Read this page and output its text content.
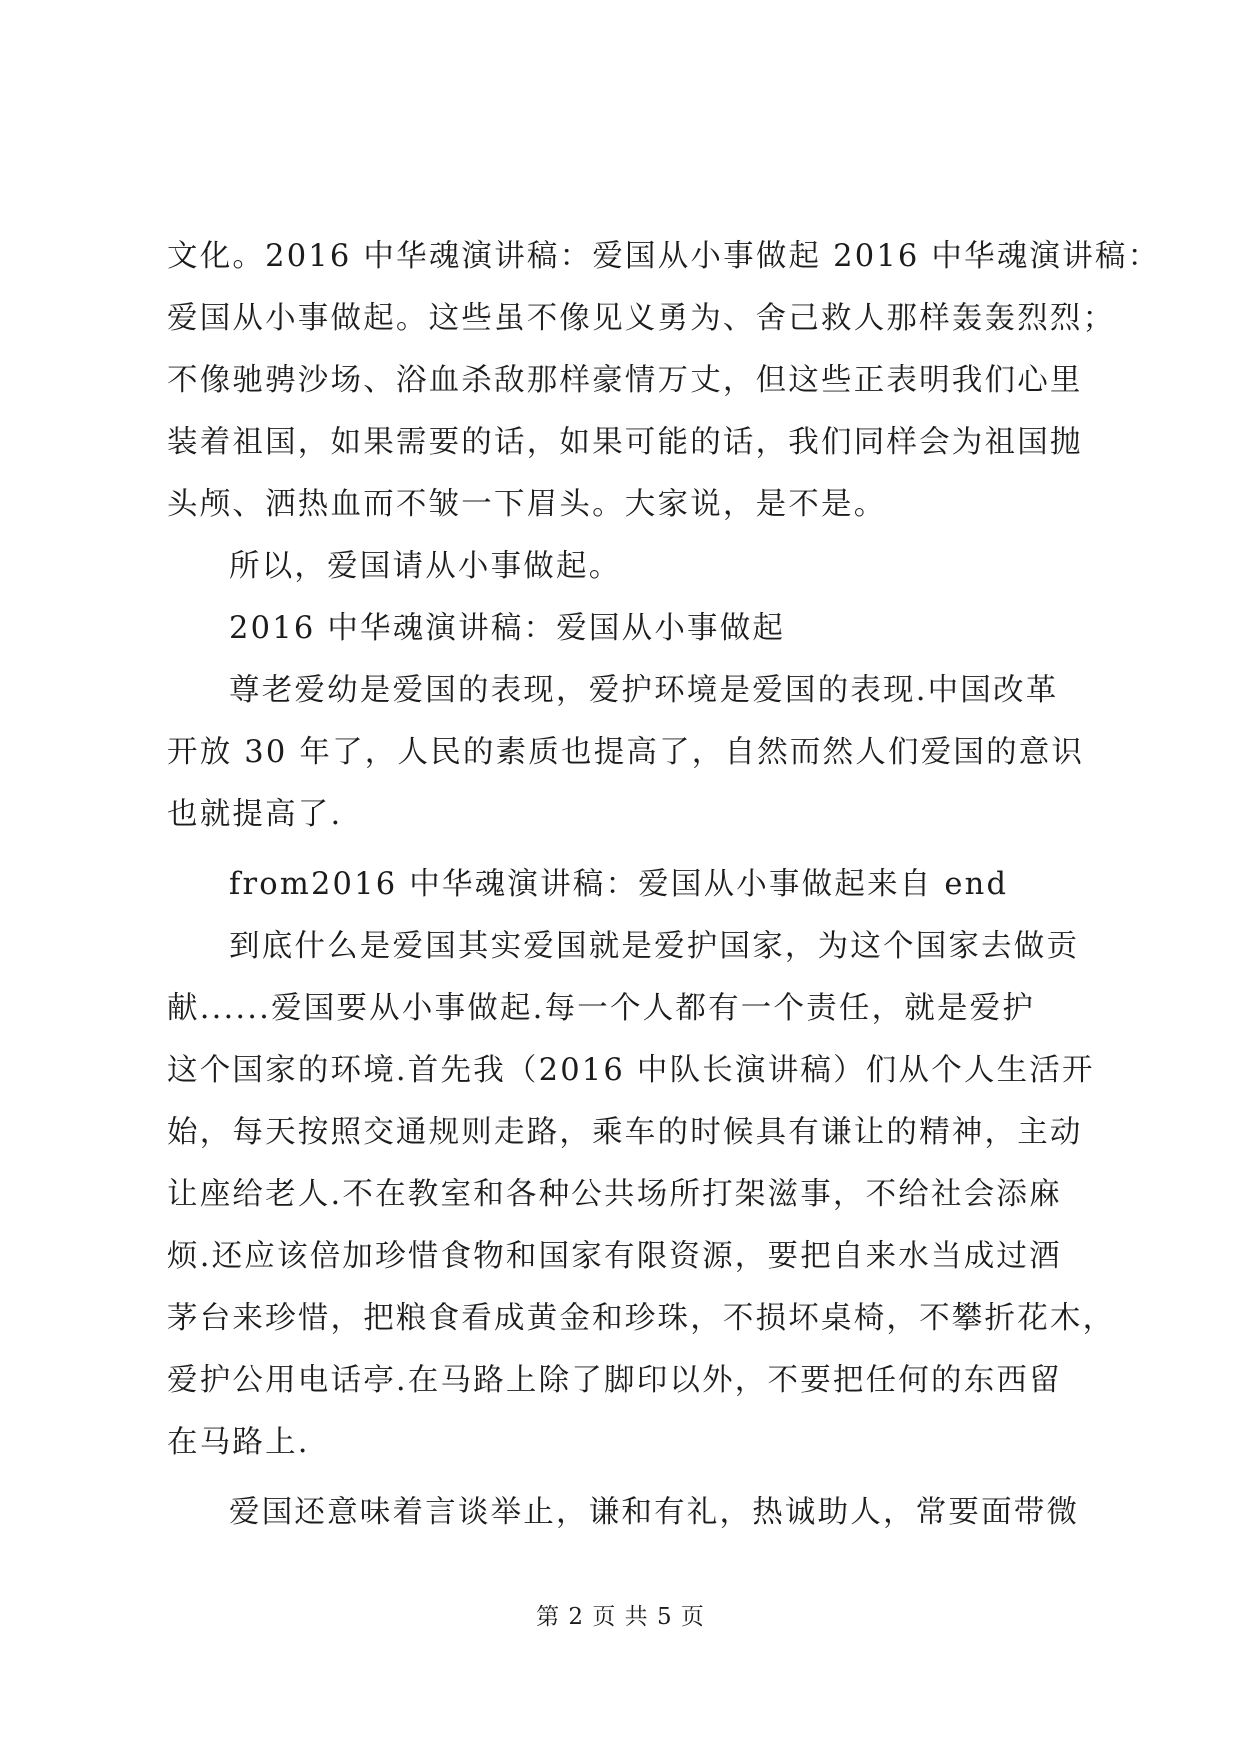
文化。2016 中华魂演讲稿：爱国从小事做起 2016 中华魂演讲稿：
爱国从小事做起。这些虽不像见义勇为、舍己救人那样轰轰烈烈；
不像驰骋沙场、浴血杀敌那样豪情万丈，但这些正表明我们心里
装着祖国，如果需要的话，如果可能的话，我们同样会为祖国抛
头颅、洒热血而不皱一下眉头。大家说，是不是。
所以，爱国请从小事做起。
2016 中华魂演讲稿：爱国从小事做起
尊老爱幼是爱国的表现，爱护环境是爱国的表现.中国改革
开放 30 年了，人民的素质也提高了，自然而然人们爱国的意识
也就提高了.
from2016 中华魂演讲稿：爱国从小事做起来自 end
到底什么是爱国其实爱国就是爱护国家，为这个国家去做贡
献......爱国要从小事做起.每一个人都有一个责任，就是爱护
这个国家的环境.首先我（2016 中队长演讲稿）们从个人生活开
始，每天按照交通规则走路，乘车的时候具有谦让的精神，主动
让座给老人.不在教室和各种公共场所打架滋事，不给社会添麻
烦.还应该倍加珍惜食物和国家有限资源，要把自来水当成过酒
茅台来珍惜，把粮食看成黄金和珍珠，不损坏桌椅，不攀折花木，
爱护公用电话亭.在马路上除了脚印以外，不要把任何的东西留
在马路上.
爱国还意味着言谈举止，谦和有礼，热诚助人，常要面带微
第 2 页 共 5 页
